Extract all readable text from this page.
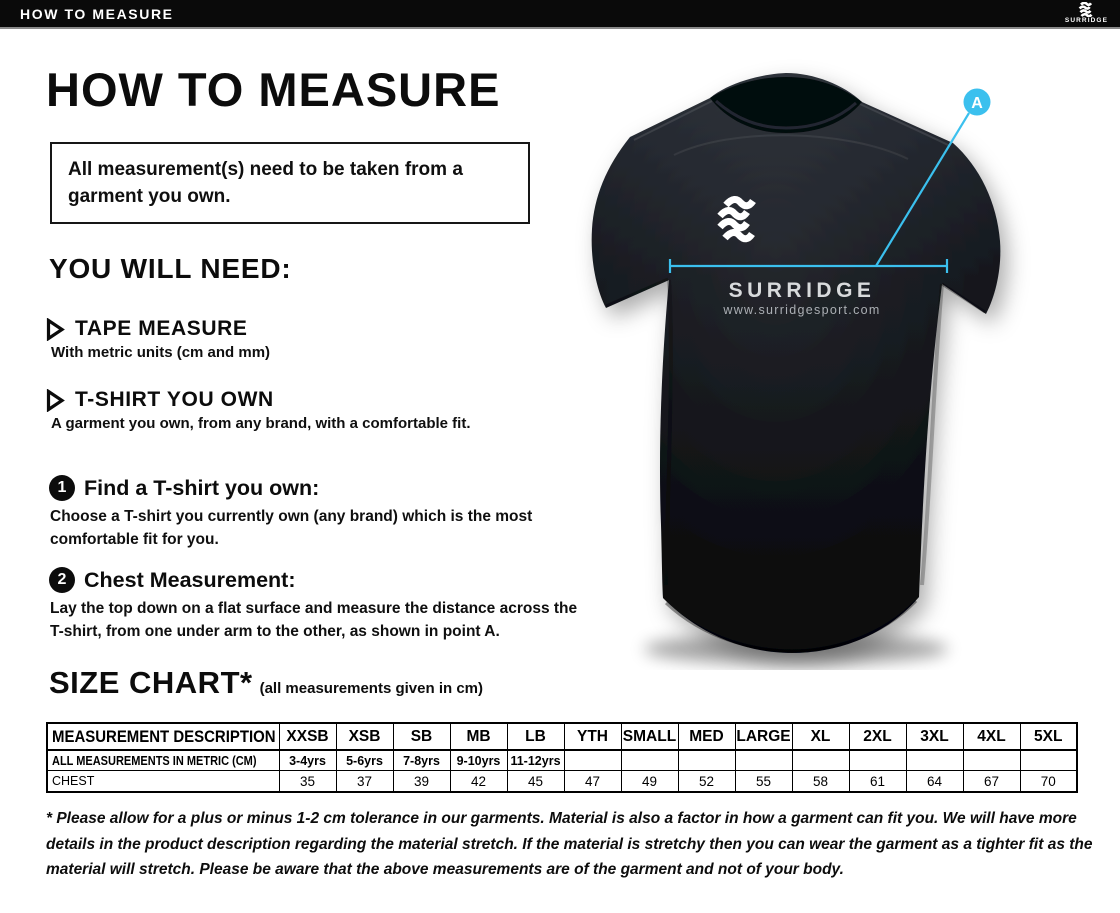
HOW TO MEASURE	SURRIDGE
HOW TO MEASURE
All measurement(s) need to be taken from a garment you own.
YOU WILL NEED:
TAPE MEASURE
With metric units (cm and mm)
T-SHIRT YOU OWN
A garment you own, from any brand, with a comfortable fit.
1 Find a T-shirt you own:
Choose a T-shirt you currently own (any brand) which is the most comfortable fit for you.
2 Chest Measurement:
Lay the top down on a flat surface and measure the distance across the T-shirt, from one under arm to the other, as shown in point A.
SIZE CHART* (all measurements given in cm)
MEASUREMENT DESCRIPTION	XXSB	XSB	SB	MB	LB	YTH	SMALL	MED	LARGE	XL	2XL	3XL	4XL	5XL
ALL MEASUREMENTS IN METRIC (CM)	3-4yrs	5-6yrs	7-8yrs	9-10yrs	11-12yrs									
CHEST	35	37	39	42	45	47	49	52	55	58	61	64	67	70
* Please allow for a plus or minus 1-2 cm tolerance in our garments. Material is also a factor in how a garment can fit you. We will have more details in the product description regarding the material stretch. If the material is stretchy then you can wear the garment as a tighter fit as the material will stretch. Please be aware that the above measurements are of the garment and not of your body.
SURRIDGE
www.surridgesport.com
A
